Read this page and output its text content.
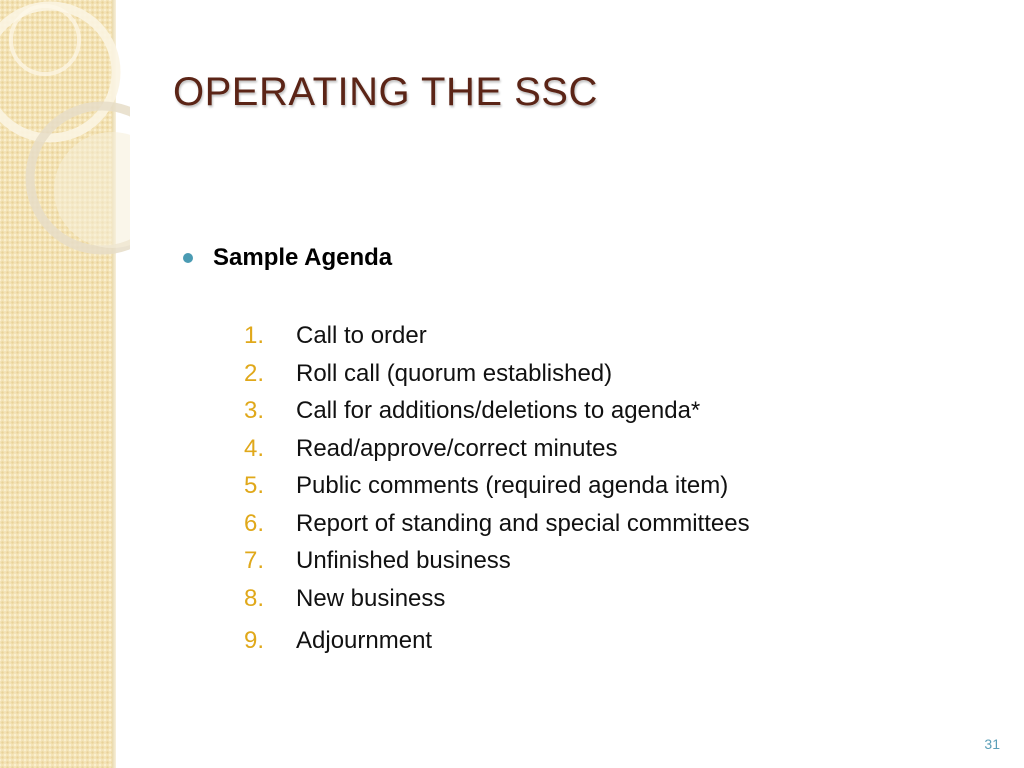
OPERATING THE SSC
Sample Agenda
1.	Call to order
2.	Roll call (quorum established)
3.	Call for additions/deletions to agenda*
4.	Read/approve/correct minutes
5.	Public comments (required agenda item)
6.	Report of standing and special committees
7.	Unfinished business
8.	New business
9.	Adjournment
31
